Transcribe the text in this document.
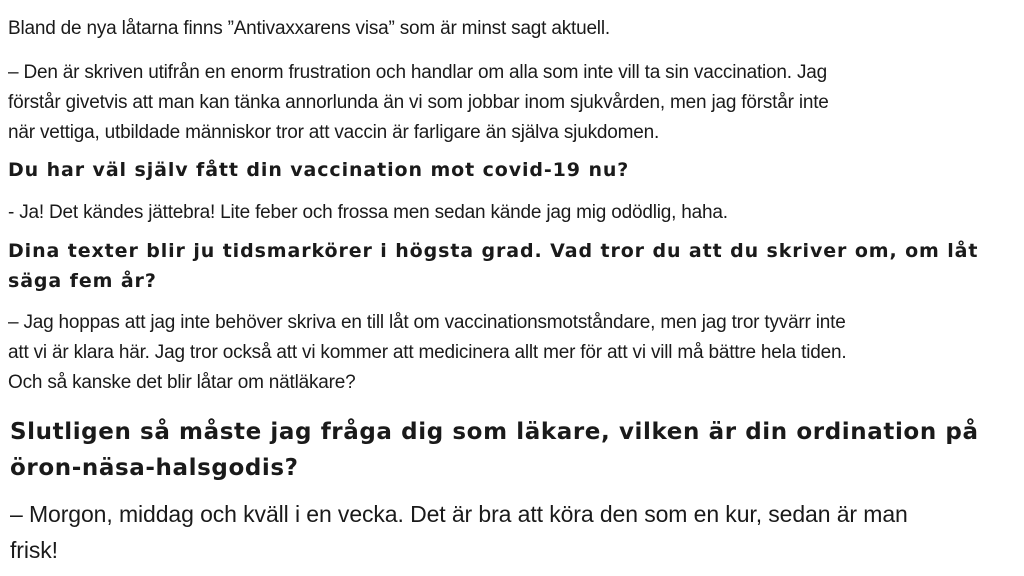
Bland de nya låtarna finns ”Antivaxxarens visa” som är minst sagt aktuell.

– Den är skriven utifrån en enorm frustration och handlar om alla som inte vill ta sin vaccination. Jag
förstår givetvis att man kan tänka annorlunda än vi som jobbar inom sjukvården, men jag förstår inte
när vettiga, utbildade människor tror att vaccin är farligare än själva sjukdomen.

Du har väl själv fått din vaccination mot covid-19 nu?

- Ja! Det kändes jättebra! Lite feber och frossa men sedan kände jag mig odödlig, haha.

Dina texter blir ju tidsmarkörer i högsta grad. Vad tror du att du skriver om, om låt
säga fem år?

– Jag hoppas att jag inte behöver skriva en till låt om vaccinationsmotståndare, men jag tror tyvärr inte
att vi är klara här. Jag tror också att vi kommer att medicinera allt mer för att vi vill må bättre hela tiden.
Och så kanske det blir låtar om nätläkare?

Slutligen så måste jag fråga dig som läkare, vilken är din ordination på
öron-näsa-halsgodis?

– Morgon, middag och kväll i en vecka. Det är bra att köra den som en kur, sedan är man
frisk!
